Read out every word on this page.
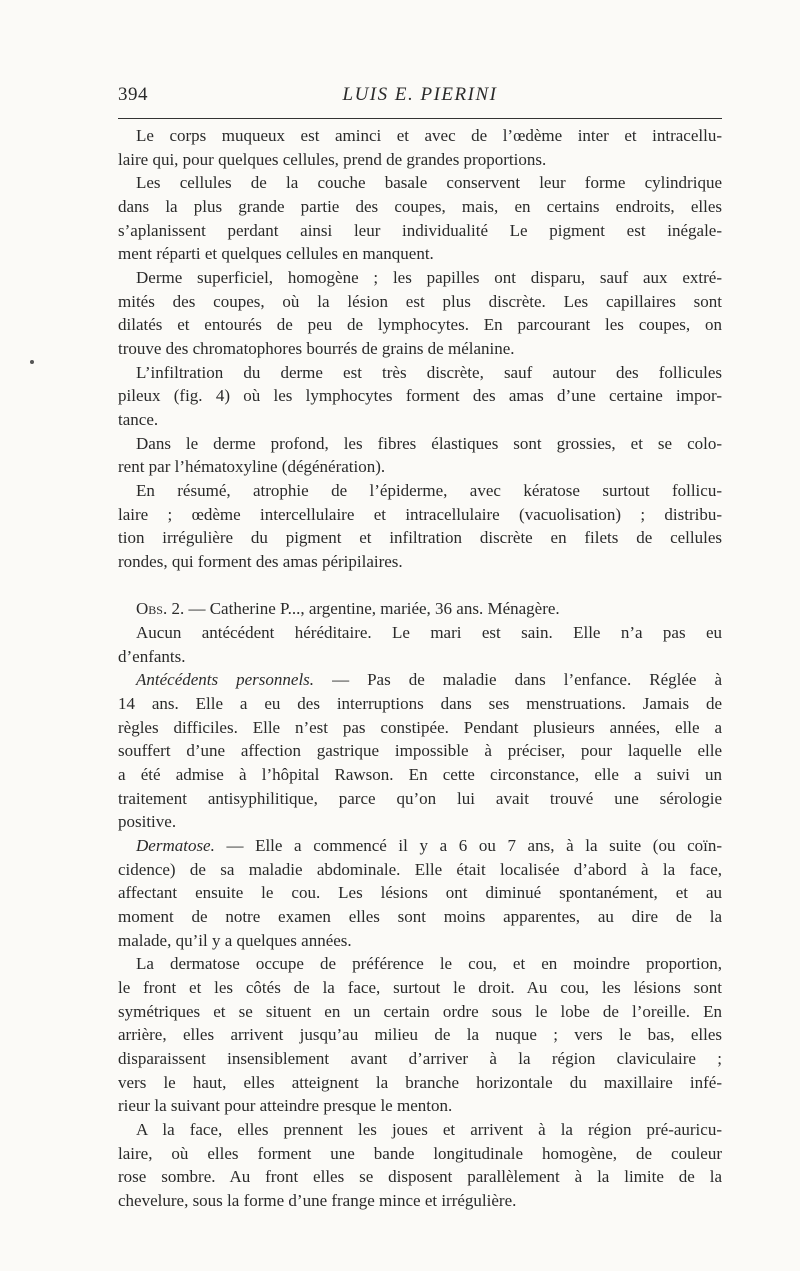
394	LUIS E. PIERINI

Le corps muqueux est aminci et avec de l’œdème inter et intracellu-
laire qui, pour quelques cellules, prend de grandes proportions.

Les cellules de la couche basale conservent leur forme cylindrique
dans la plus grande partie des coupes, mais, en certains endroits, elles
s’aplanissent perdant ainsi leur individualité Le pigment est inégale-
ment réparti et quelques cellules en manquent.

Derme superficiel, homogène ; les papilles ont disparu, sauf aux extré-
mités des coupes, où la lésion est plus discrète. Les capillaires sont
dilatés et entourés de peu de lymphocytes. En parcourant les coupes, on
trouve des chromatophores bourrés de grains de mélanine.

L’infiltration du derme est très discrète, sauf autour des follicules
pileux (fig. 4) où les lymphocytes forment des amas d’une certaine impor-
tance.

Dans le derme profond, les fibres élastiques sont grossies, et se colo-
rent par l’hématoxyline (dégénération).

En résumé, atrophie de l’épiderme, avec kératose surtout follicu-
laire ; œdème intercellulaire et intracellulaire (vacuolisation) ; distribu-
tion irrégulière du pigment et infiltration discrète en filets de cellules
rondes, qui forment des amas péripilaires.

Obs. 2. — Catherine P..., argentine, mariée, 36 ans. Ménagère.

Aucun antécédent héréditaire. Le mari est sain. Elle n’a pas eu
d’enfants.

Antécédents personnels. — Pas de maladie dans l’enfance. Réglée à
14 ans. Elle a eu des interruptions dans ses menstruations. Jamais de
règles difficiles. Elle n’est pas constipée. Pendant plusieurs années, elle a
souffert d’une affection gastrique impossible à préciser, pour laquelle elle
a été admise à l’hôpital Rawson. En cette circonstance, elle a suivi un
traitement antisyphilitique, parce qu’on lui avait trouvé une sérologie
positive.

Dermatose. — Elle a commencé il y a 6 ou 7 ans, à la suite (ou coïn-
cidence) de sa maladie abdominale. Elle était localisée d’abord à la face,
affectant ensuite le cou. Les lésions ont diminué spontanément, et au
moment de notre examen elles sont moins apparentes, au dire de la
malade, qu’il y a quelques années.

La dermatose occupe de préférence le cou, et en moindre proportion,
le front et les côtés de la face, surtout le droit. Au cou, les lésions sont
symétriques et se situent en un certain ordre sous le lobe de l’oreille. En
arrière, elles arrivent jusqu’au milieu de la nuque ; vers le bas, elles
disparaissent insensiblement avant d’arriver à la région claviculaire ;
vers le haut, elles atteignent la branche horizontale du maxillaire infé-
rieur la suivant pour atteindre presque le menton.

A la face, elles prennent les joues et arrivent à la région pré-auricu-
laire, où elles forment une bande longitudinale homogène, de couleur
rose sombre. Au front elles se disposent parallèlement à la limite de la
chevelure, sous la forme d’une frange mince et irrégulière.
